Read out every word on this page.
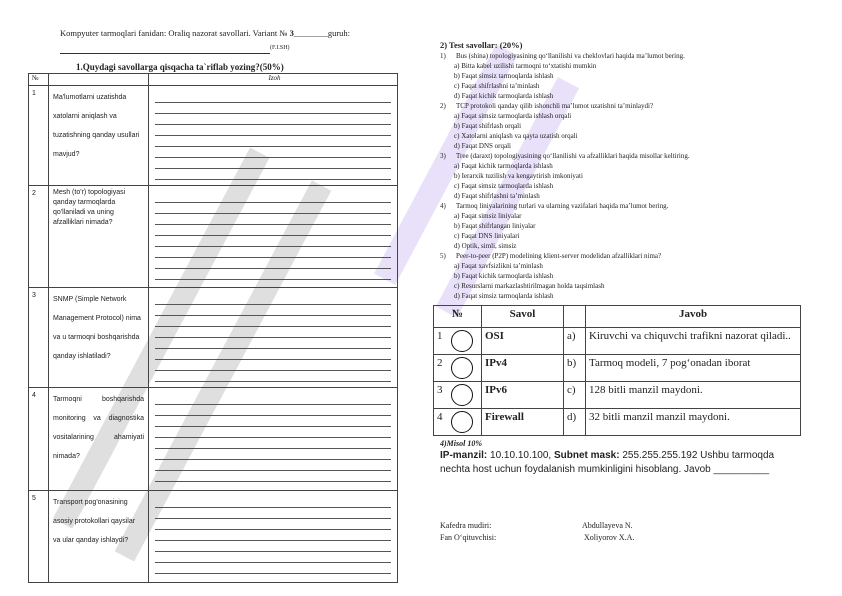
Kompyuter tarmoqlari fanidan: Oraliq nazorat savollari. Variant № 3________guruh:
(F.I.SH)
1.Quydagi savollarga qisqacha ta`riflab yozing?(50%)
№		Izoh
1	Ma'lumotlarni uzatishda xatolarni aniqlash va tuzatishning qanday usullari mavjud?	

2	Mesh (to'r) topologiyasi qanday tarmoqlarda qo'llaniladi va uning afzalliklari nimada?	

3	SNMP (Simple Network Management Protocol) nima va u tarmoqni boshqarishda qanday ishlatiladi?	

4	Tarmoqni boshqarishda monitoring va diagnostika vositalarining ahamiyati nimada?	

5	Transport pog'onasining asosiy protokollari qaysilar va ular qanday ishlaydi?	
2) Test savollar: (20%)
1)	Bus (shina) topologiyasining qo‘llanilishi va cheklovlari haqida ma’lumot bering.
a) Bitta kabel uzilishi tarmoqni to‘xtatishi mumkin
b) Faqat simsiz tarmoqlarda ishlash
c) Faqat shifrlashni ta’minlash
d) Faqat kichik tarmoqlarda ishlash
2)	TCP protokoli qanday qilib ishonchli ma’lumot uzatishni ta’minlaydi?
a) Faqat simsiz tarmoqlarda ishlash orqali
b) Faqat shifrlash orqali
c) Xatolarni aniqlash va qayta uzatish orqali
d) Faqat DNS orqali
3)	Tree (daraxt) topologiyasining qo‘llanilishi va afzalliklari haqida misollar keltiring.
a) Faqat kichik tarmoqlarda ishlash
b) Ierarxik tuzilish va kengaytirish imkoniyati
c) Faqat simsiz tarmoqlarda ishlash
d) Faqat shifrlashni ta’minlash
4)	Tarmoq liniyalarining turlari va ularning vazifalari haqida ma’lumot bering.
a) Faqat simsiz liniyalar
b) Faqat shifrlangan liniyalar
c) Faqat DNS liniyalari
d) Optik, simli, simsiz
5)	Peer-to-peer (P2P) modelining klient-server modelidan afzalliklari nima?
a) Faqat xavfsizlikni ta’minlash
b) Faqat kichik tarmoqlarda ishlash
c) Resurslarni markazlashtirilmagan holda taqsimlash
d) Faqat simsiz tarmoqlarda ishlash
№	Savol		Javob
1	OSI	a)	Kiruvchi va chiquvchi trafikni nazorat qiladi..
2	IPv4	b)	Tarmoq modeli, 7 pog‘onadan iborat
3	IPv6	c)	128 bitli manzil maydoni.
4	Firewall	d)	32 bitli manzil manzil maydoni.
4)Misol 10%
IP-manzil: 10.10.10.100, Subnet mask: 255.255.255.192 Ushbu tarmoqda nechta host uchun foydalanish mumkinligini hisoblang. Javob __________
Kafedra mudiri:	Abdullayeva N.
Fan O‘qituvchisi:	Xoliyorov X.A.
